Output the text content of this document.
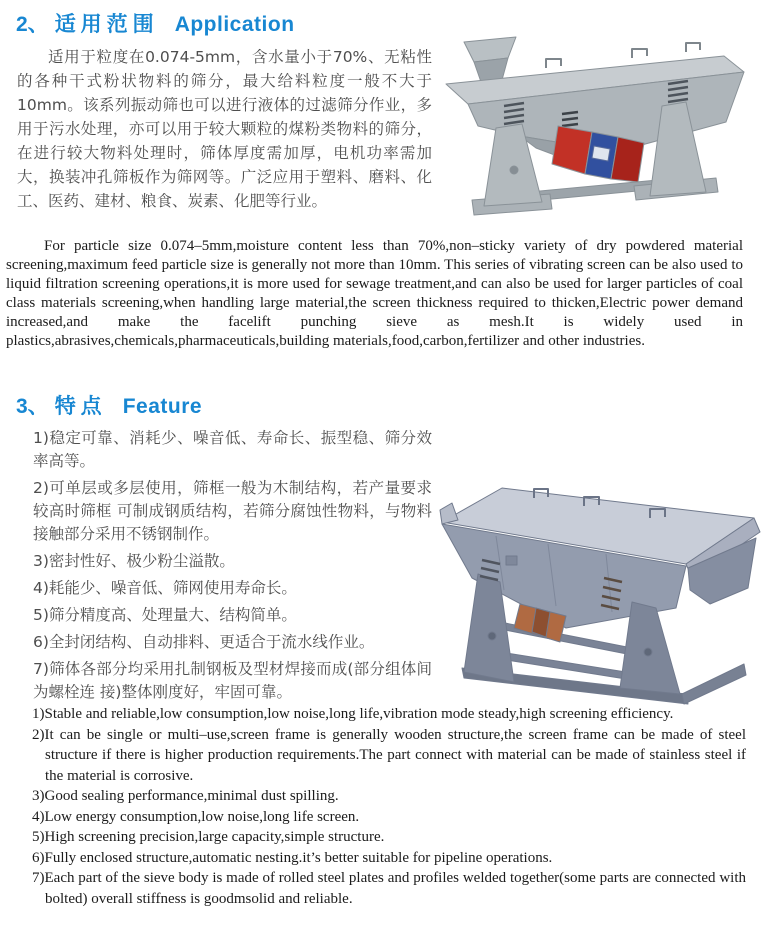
2、 适用范围 Application
适用于粒度在0.074-5mm，含水量小于70%、无粘性的各种干式粉状物料的筛分，最大给料粒度一般不大于10mm。该系列振动筛也可以进行液体的过滤筛分作业，多用于污水处理，亦可以用于较大颗粒的煤粉类物料的筛分，在进行较大物料处理时，筛体厚度需加厚，电机功率需加大，换装冲孔筛板作为筛网等。广泛应用于塑料、磨料、化工、医药、建材、粮食、炭素、化肥等行业。
For particle size 0.074–5mm,moisture content less than 70%,non–sticky variety of dry powdered material screening,maximum feed particle size is generally not more than 10mm. This series of vibrating screen can be also used to liquid filtration screening operations,it is more used for sewage treatment,and can also be used for larger particles of coal class materials screening,when handling large material,the screen thickness required to thicken,Electric power demand increased,and make the facelift punching sieve as mesh.It is widely used in plastics,abrasives,chemicals,pharmaceuticals,building materials,food,carbon,fertilizer and other industries.
3、 特点 Feature
1)稳定可靠、消耗少、噪音低、寿命长、振型稳、筛分效率高等。
2)可单层或多层使用，筛框一般为木制结构，若产量要求较高时筛框 可制成钢质结构，若筛分腐蚀性物料，与物料接触部分采用不锈钢制作。
3)密封性好、极少粉尘溢散。
4)耗能少、噪音低、筛网使用寿命长。
5)筛分精度高、处理量大、结构简单。
6)全封闭结构、自动排料、更适合于流水线作业。
7)筛体各部分均采用扎制钢板及型材焊接而成(部分组体间为螺栓连 接)整体刚度好，牢固可靠。
1)Stable and reliable,low consumption,low noise,long life,vibration mode steady,high screening efficiency.
2)It can be single or multi–use,screen frame is generally wooden structure,the screen frame can be made of steel structure if there is higher production requirements.The part connect with material can be made of stainless steel if the material is corrosive.
3)Good sealing performance,minimal dust spilling.
4)Low energy consumption,low noise,long life screen.
5)High screening precision,large capacity,simple structure.
6)Fully enclosed structure,automatic nesting.it’s better suitable for pipeline operations.
7)Each part of the sieve body is made of rolled steel plates and profiles welded together(some parts are connected with bolted) overall stiffness is goodmsolid and reliable.
